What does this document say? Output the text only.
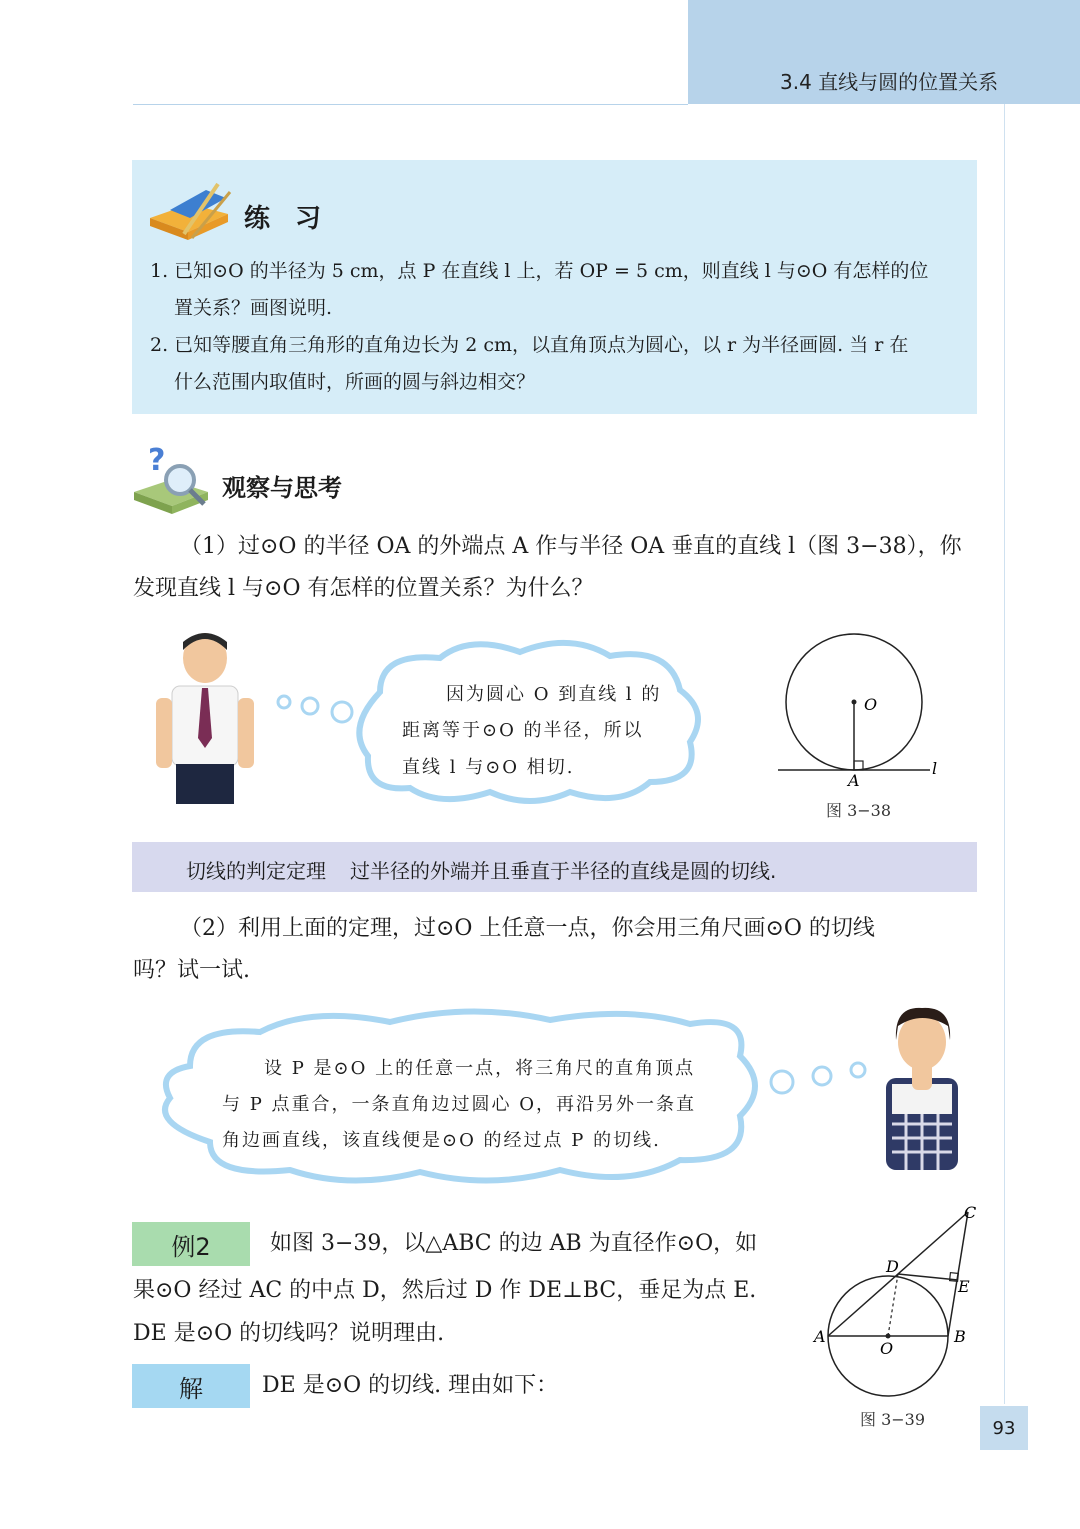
3.4 直线与圆的位置关系
练 习
1. 已知⊙O 的半径为 5 cm，点 P 在直线 l 上，若 OP = 5 cm，则直线 l 与⊙O 有怎样的位
置关系？画图说明.
2. 已知等腰直角三角形的直角边长为 2 cm，以直角顶点为圆心，以 r 为半径画圆. 当 r 在
什么范围内取值时，所画的圆与斜边相交？
?
观察与思考
（1）过⊙O 的半径 OA 的外端点 A 作与半径 OA 垂直的直线 l（图 3−38），你
发现直线 l 与⊙O 有怎样的位置关系？为什么？
因为圆心 O 到直线 l 的
距离等于⊙O 的半径，所以
直线 l 与⊙O 相切.
O
A
l
图 3−38
切线的判定定理 过半径的外端并且垂直于半径的直线是圆的切线.
（2）利用上面的定理，过⊙O 上任意一点，你会用三角尺画⊙O 的切线
吗？试一试.
设 P 是⊙O 上的任意一点，将三角尺的直角顶点
与 P 点重合，一条直角边过圆心 O，再沿另外一条直
角边画直线，该直线便是⊙O 的经过点 P 的切线.
例2	如图 3−39，以△ABC 的边 AB 为直径作⊙O，如
果⊙O 经过 AC 的中点 D，然后过 D 作 DE⊥BC，垂足为点 E.
DE 是⊙O 的切线吗？说明理由.
解	DE 是⊙O 的切线. 理由如下：
A	B
C
D
E
O
图 3−39	93
